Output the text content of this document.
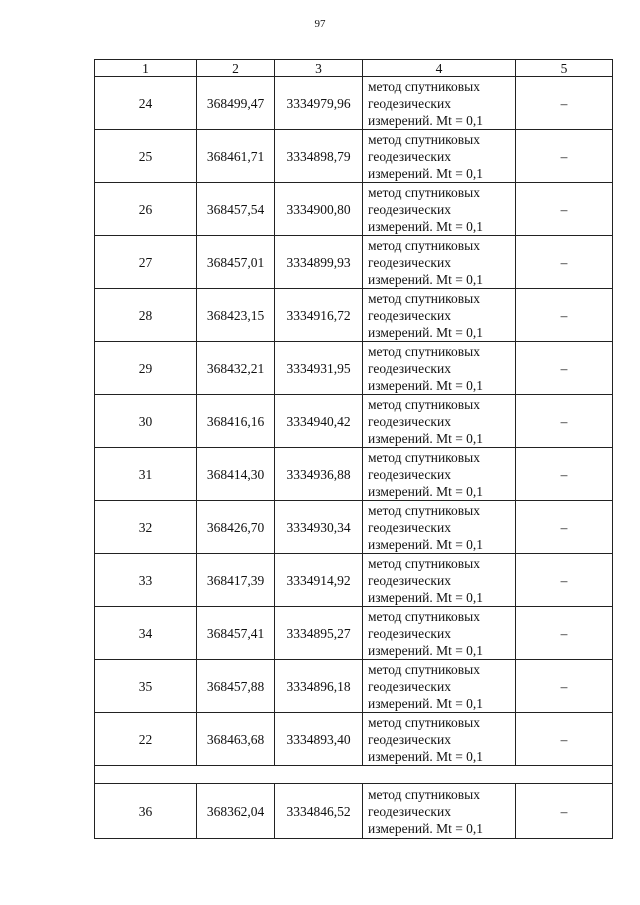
97
1	2	3	4	5
24	368499,47	3334979,96	метод спутниковых
геодезических
измерений. Mt = 0,1	–
25	368461,71	3334898,79	метод спутниковых
геодезических
измерений. Mt = 0,1	–
26	368457,54	3334900,80	метод спутниковых
геодезических
измерений. Mt = 0,1	–
27	368457,01	3334899,93	метод спутниковых
геодезических
измерений. Mt = 0,1	–
28	368423,15	3334916,72	метод спутниковых
геодезических
измерений. Mt = 0,1	–
29	368432,21	3334931,95	метод спутниковых
геодезических
измерений. Mt = 0,1	–
30	368416,16	3334940,42	метод спутниковых
геодезических
измерений. Mt = 0,1	–
31	368414,30	3334936,88	метод спутниковых
геодезических
измерений. Mt = 0,1	–
32	368426,70	3334930,34	метод спутниковых
геодезических
измерений. Mt = 0,1	–
33	368417,39	3334914,92	метод спутниковых
геодезических
измерений. Mt = 0,1	–
34	368457,41	3334895,27	метод спутниковых
геодезических
измерений. Mt = 0,1	–
35	368457,88	3334896,18	метод спутниковых
геодезических
измерений. Mt = 0,1	–
22	368463,68	3334893,40	метод спутниковых
геодезических
измерений. Mt = 0,1	–

36	368362,04	3334846,52	метод спутниковых
геодезических
измерений. Mt = 0,1	–
